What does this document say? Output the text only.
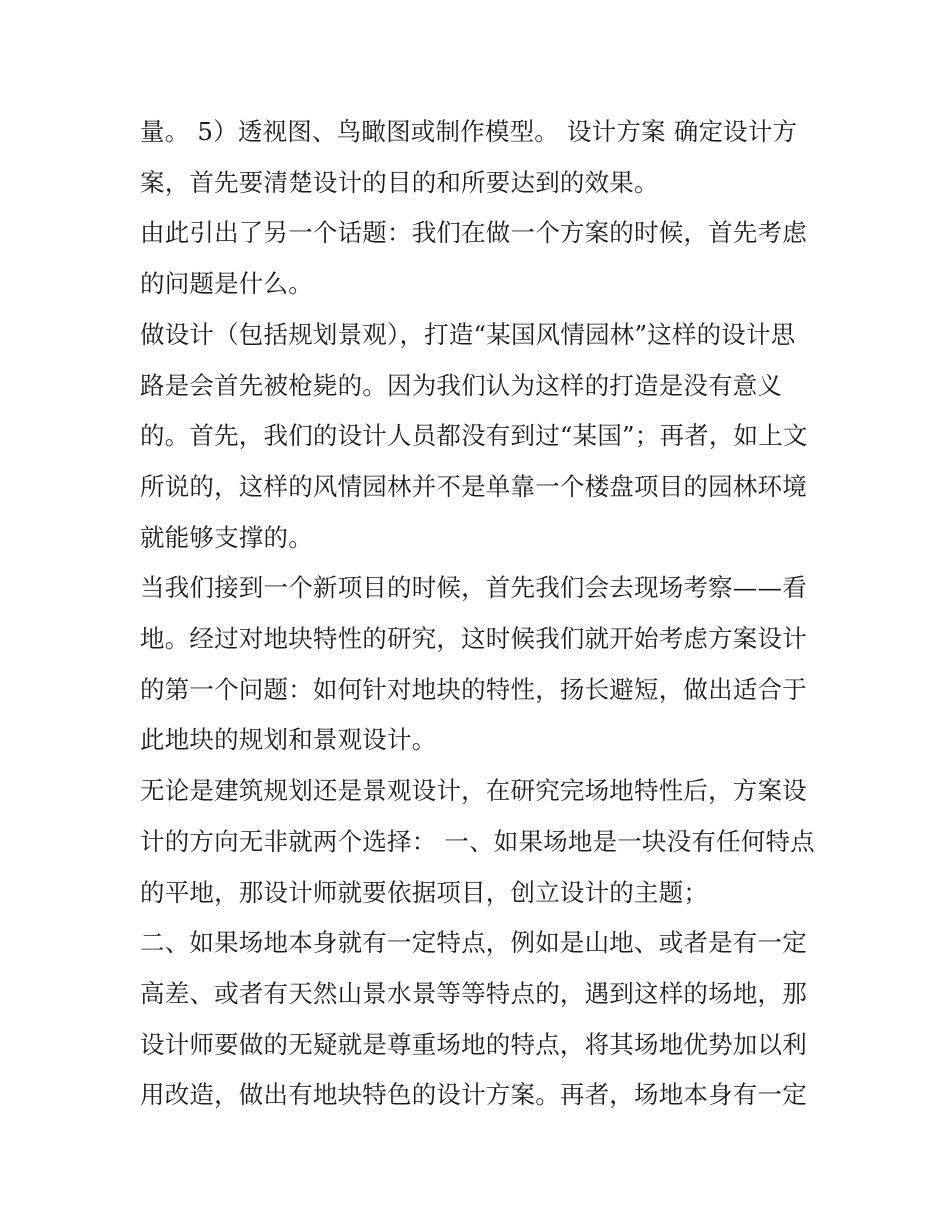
量。 5）透视图、鸟瞰图或制作模型。 设计方案 确定设计方案，首先要清楚设计的目的和所要达到的效果。

由此引出了另一个话题：我们在做一个方案的时候，首先考虑的问题是什么。

做设计（包括规划景观），打造“某国风情园林”这样的设计思路是会首先被枪毙的。因为我们认为这样的打造是没有意义的。首先，我们的设计人员都没有到过“某国”；再者，如上文所说的，这样的风情园林并不是单靠一个楼盘项目的园林环境就能够支撑的。

当我们接到一个新项目的时候，首先我们会去现场考察——看地。经过对地块特性的研究，这时候我们就开始考虑方案设计的第一个问题：如何针对地块的特性，扬长避短，做出适合于此地块的规划和景观设计。

无论是建筑规划还是景观设计，在研究完场地特性后，方案设计的方向无非就两个选择： 一、如果场地是一块没有任何特点的平地，那设计师就要依据项目，创立设计的主题；

二、如果场地本身就有一定特点，例如是山地、或者是有一定高差、或者有天然山景水景等等特点的，遇到这样的场地，那设计师要做的无疑就是尊重场地的特点，将其场地优势加以利用改造，做出有地块特色的设计方案。再者，场地本身有一定
